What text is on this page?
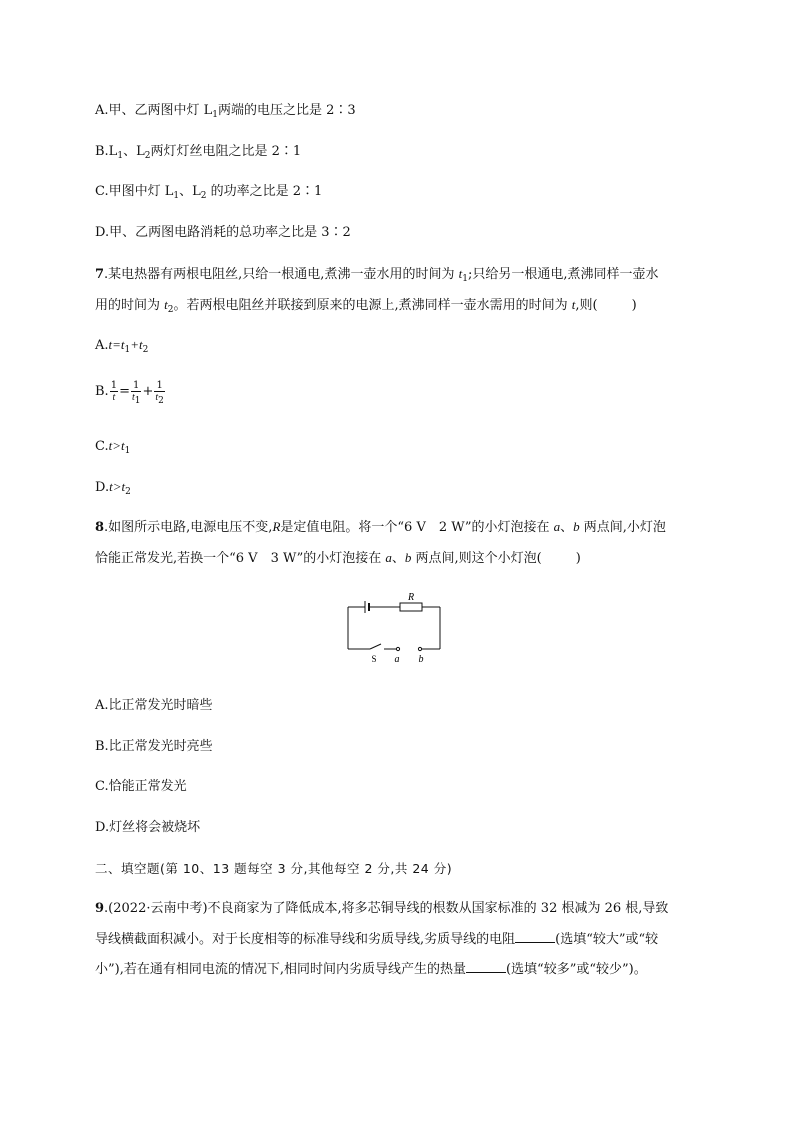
A.甲、乙两图中灯 $L_1$两端的电压之比是 2∶3
$B.L_1$、$L_2$两灯灯丝电阻之比是 2∶1
C.甲图中灯 $L_1$、$L_2$ 的功率之比是 2∶1
D.甲、乙两图电路消耗的总功率之比是 3∶2
7.某电热器有两根电阻丝,只给一根通电,煮沸一壶水用的时间为 $t_1$;只给另一根通电,煮沸同样一壶水
用的时间为 $t_2$。若两根电阻丝并联接到原来的电源上,煮沸同样一壶水需用的时间为 t,则(	)
$A.t=t_1+t_2$
B. $\frac{1}{t} = \frac{1}{t_1} + \frac{1}{t_2}$
$C.t>t_1$
$D.t>t_2$
8.如图所示电路,电源电压不变,R是定值电阻。将一个“6 V　2 W”的小灯泡接在 a、b 两点间,小灯泡
恰能正常发光,若换一个“6 V　3 W”的小灯泡接在 a、b 两点间,则这个小灯泡(	)
R
S a b
A.比正常发光时暗些
B.比正常发光时亮些
C.恰能正常发光
D.灯丝将会被烧坏
二、填空题(第 10、13 题每空 3 分,其他每空 2 分,共 24 分)
9.(2022·云南中考)不良商家为了降低成本,将多芯铜导线的根数从国家标准的 32 根减为 26 根,导致
导线横截面积减小。对于长度相等的标准导线和劣质导线,劣质导线的电阻	(选填“较大”或“较
小”),若在通有相同电流的情况下,相同时间内劣质导线产生的热量	(选填“较多”或“较少”)。
